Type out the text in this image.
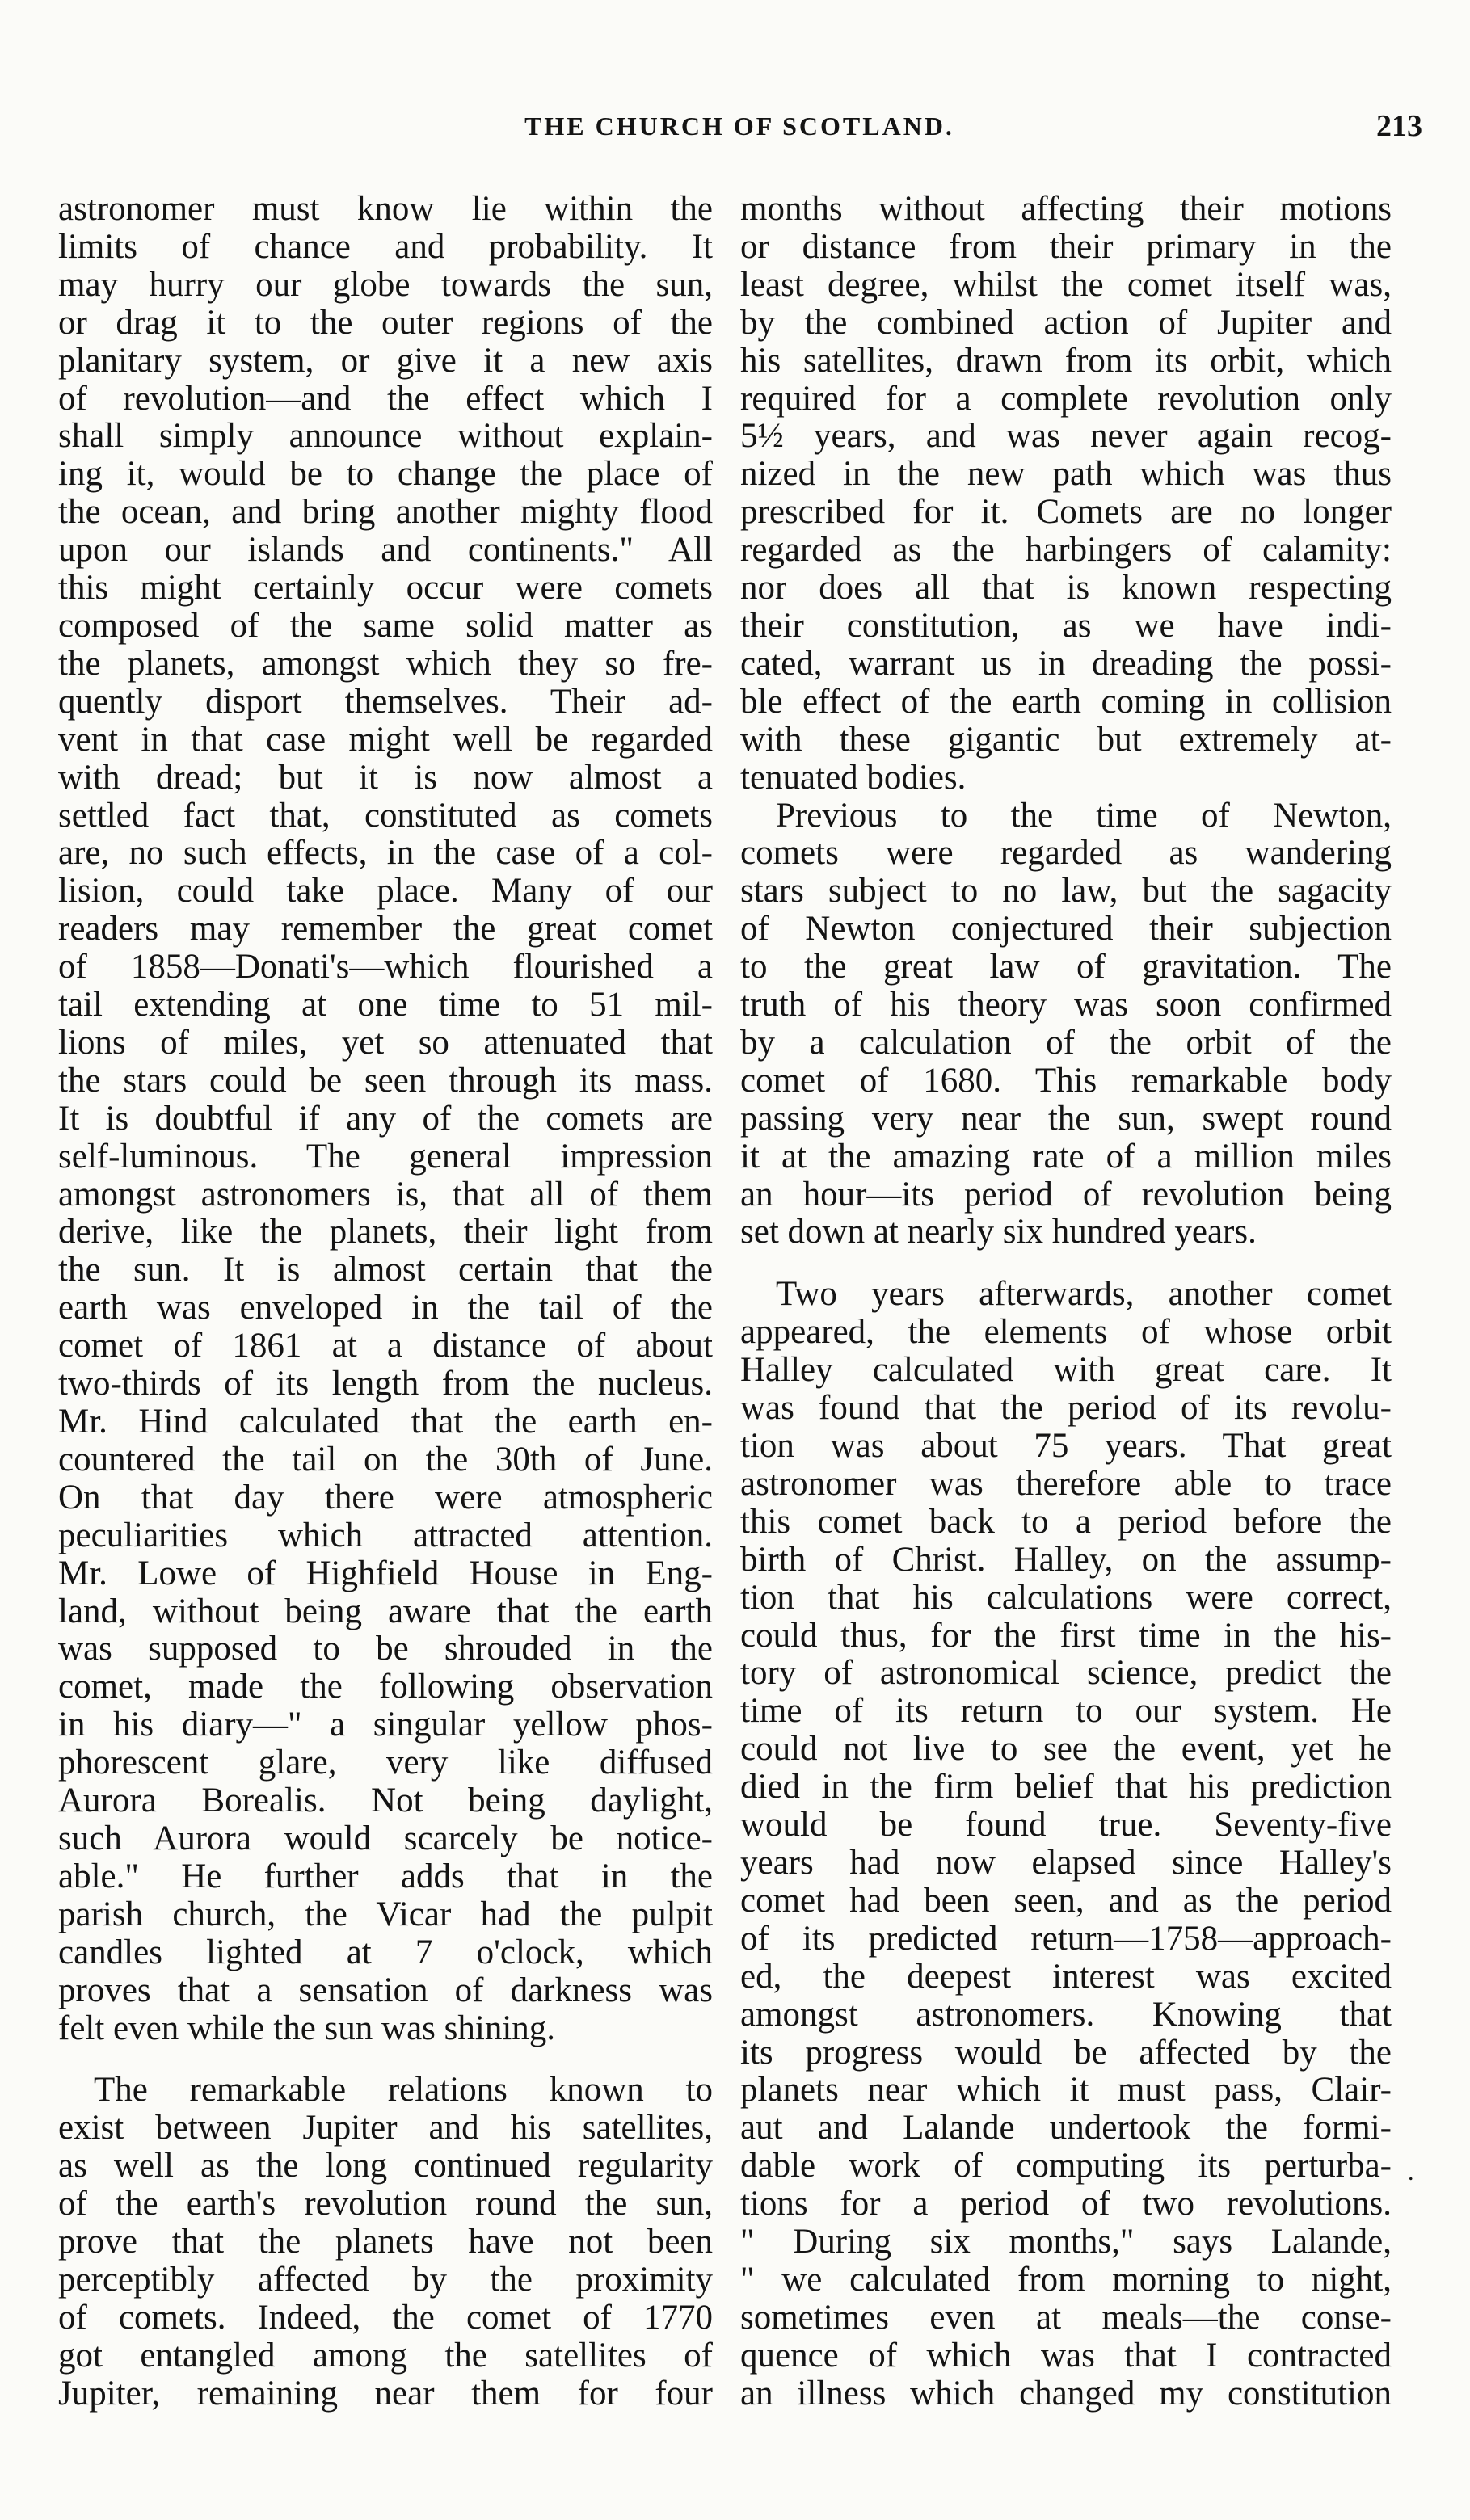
THE CHURCH OF SCOTLAND.	213
astronomer must know lie within the
limits of chance and probability. It
may hurry our globe towards the sun,
or drag it to the outer regions of the
planitary system, or give it a new axis
of revolution—and the effect which I
shall simply announce without explain-
ing it, would be to change the place of
the ocean, and bring another mighty flood
upon our islands and continents." All
this might certainly occur were comets
composed of the same solid matter as
the planets, amongst which they so fre-
quently disport themselves. Their ad-
vent in that case might well be regarded
with dread; but it is now almost a
settled fact that, constituted as comets
are, no such effects, in the case of a col-
lision, could take place. Many of our
readers may remember the great comet
of 1858—Donati's—which flourished a
tail extending at one time to 51 mil-
lions of miles, yet so attenuated that
the stars could be seen through its mass.
It is doubtful if any of the comets are
self-luminous. The general impression
amongst astronomers is, that all of them
derive, like the planets, their light from
the sun. It is almost certain that the
earth was enveloped in the tail of the
comet of 1861 at a distance of about
two-thirds of its length from the nucleus.
Mr. Hind calculated that the earth en-
countered the tail on the 30th of June.
On that day there were atmospheric
peculiarities which attracted attention.
Mr. Lowe of Highfield House in Eng-
land, without being aware that the earth
was supposed to be shrouded in the
comet, made the following observation
in his diary—" a singular yellow phos-
phorescent glare, very like diffused
Aurora Borealis. Not being daylight,
such Aurora would scarcely be notice-
able." He further adds that in the
parish church, the Vicar had the pulpit
candles lighted at 7 o'clock, which
proves that a sensation of darkness was
felt even while the sun was shining.
The remarkable relations known to
exist between Jupiter and his satellites,
as well as the long continued regularity
of the earth's revolution round the sun,
prove that the planets have not been
perceptibly affected by the proximity
of comets. Indeed, the comet of 1770
got entangled among the satellites of
Jupiter, remaining near them for four
months without affecting their motions
or distance from their primary in the
least degree, whilst the comet itself was,
by the combined action of Jupiter and
his satellites, drawn from its orbit, which
required for a complete revolution only
5½ years, and was never again recog-
nized in the new path which was thus
prescribed for it. Comets are no longer
regarded as the harbingers of calamity:
nor does all that is known respecting
their constitution, as we have indi-
cated, warrant us in dreading the possi-
ble effect of the earth coming in collision
with these gigantic but extremely at-
tenuated bodies.
Previous to the time of Newton,
comets were regarded as wandering
stars subject to no law, but the sagacity
of Newton conjectured their subjection
to the great law of gravitation. The
truth of his theory was soon confirmed
by a calculation of the orbit of the
comet of 1680. This remarkable body
passing very near the sun, swept round
it at the amazing rate of a million miles
an hour—its period of revolution being
set down at nearly six hundred years.
Two years afterwards, another comet
appeared, the elements of whose orbit
Halley calculated with great care. It
was found that the period of its revolu-
tion was about 75 years. That great
astronomer was therefore able to trace
this comet back to a period before the
birth of Christ. Halley, on the assump-
tion that his calculations were correct,
could thus, for the first time in the his-
tory of astronomical science, predict the
time of its return to our system. He
could not live to see the event, yet he
died in the firm belief that his prediction
would be found true. Seventy-five
years had now elapsed since Halley's
comet had been seen, and as the period
of its predicted return—1758—approach-
ed, the deepest interest was excited
amongst astronomers. Knowing that
its progress would be affected by the
planets near which it must pass, Clair-
aut and Lalande undertook the formi-
dable work of computing its perturba-
tions for a period of two revolutions.
" During six months," says Lalande,
" we calculated from morning to night,
sometimes even at meals—the conse-
quence of which was that I contracted
an illness which changed my constitution
.
